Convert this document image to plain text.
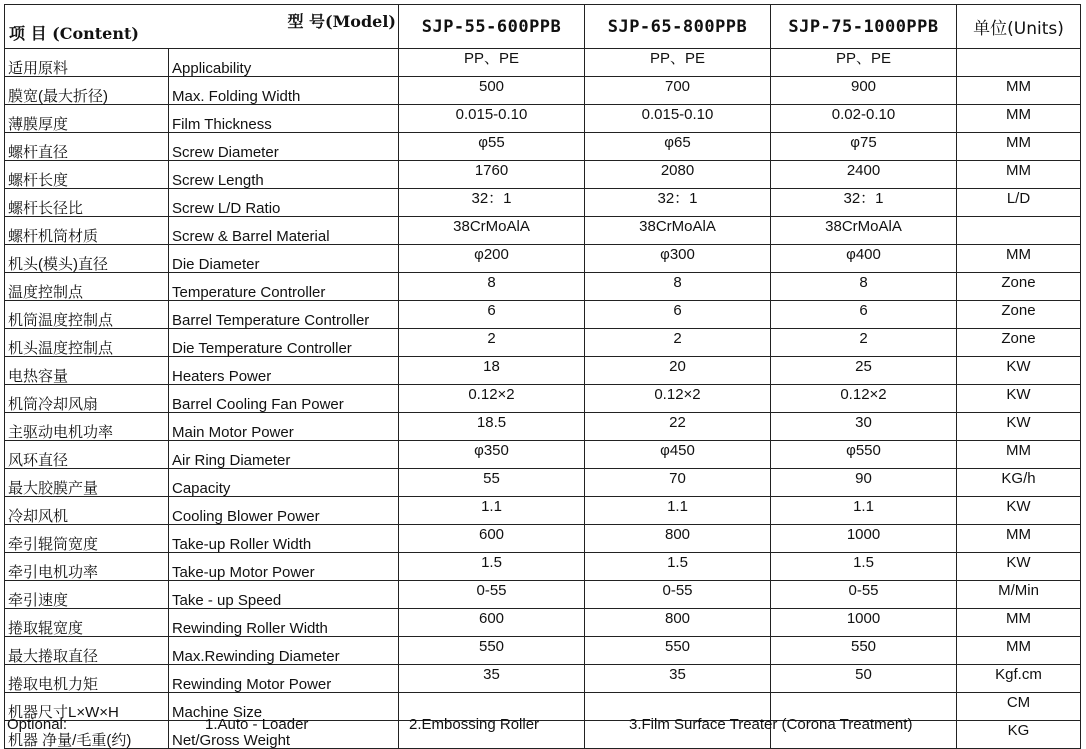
项 目 (Content)
型 号(Model)		SJP-55-600PPB	SJP-65-800PPB	SJP-75-1000PPB	单位(Units)
适用原料	Applicability	PP、PE	PP、PE	PP、PE	
膜宽(最大折径)	Max. Folding Width	500	700	900	MM
薄膜厚度	Film Thickness	0.015-0.10	0.015-0.10	0.02-0.10	MM
螺杆直径	Screw Diameter	φ55	φ65	φ75	MM
螺杆长度	Screw Length	1760	2080	2400	MM
螺杆长径比	Screw L/D Ratio	32：1	32：1	32：1	L/D
螺杆机筒材质	Screw & Barrel Material	38CrMoAlA	38CrMoAlA	38CrMoAlA	
机头(模头)直径	Die Diameter	φ200	φ300	φ400	MM
温度控制点	Temperature Controller	8	8	8	Zone
机筒温度控制点	Barrel Temperature Controller	6	6	6	Zone
机头温度控制点	Die Temperature Controller	2	2	2	Zone
电热容量	Heaters Power	18	20	25	KW
机筒冷却风扇	Barrel Cooling Fan Power	0.12×2	0.12×2	0.12×2	KW
主驱动电机功率	Main Motor Power	18.5	22	30	KW
风环直径	Air Ring Diameter	φ350	φ450	φ550	MM
最大胶膜产量	Capacity	55	70	90	KG/h
冷却风机	Cooling Blower Power	1.1	1.1	1.1	KW
牵引辊筒宽度	Take-up Roller Width	600	800	1000	MM
牵引电机功率	Take-up Motor Power	1.5	1.5	1.5	KW
牵引速度	Take - up Speed	0-55	0-55	0-55	M/Min
捲取辊宽度	Rewinding Roller Width	600	800	1000	MM
最大捲取直径	Max.Rewinding Diameter	550	550	550	MM
捲取电机力矩	Rewinding Motor Power	35	35	50	Kgf.cm
机器尺寸L×W×H	Machine Size				CM
机器 净量/毛重(约)	Net/Gross Weight				KG
Optional:	1.Auto - Loader	2.Embossing Roller	3.Film Surface Treater (Corona Treatment)
